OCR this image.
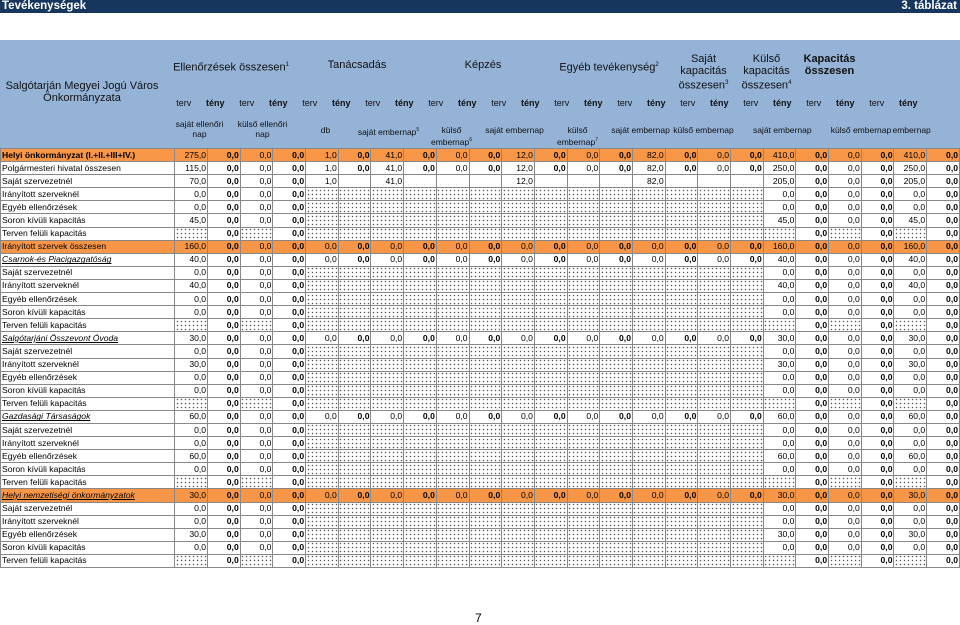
Tevékenységek	3. táblázat
Salgótarján Megyei Jogú Város Önkormányzata
Ellenőrzések összesen$^1$	Tanácsadás	Képzés	Egyéb tevékenység$^2$	Saját kapacitás összesen$^3$
Külső kapacitás összesen$^4$
Kapacitás összesen
terv	tény	terv	tény	terv	tény	terv	tény	terv	tény	terv	tény	terv	tény	terv	tény	terv	tény	terv	tény	terv	tény	terv	tény
saját ellenőri nap
külső ellenőri nap	db	saját embernap$^5$	külső embernap$^6$
saját embernap	külső embernap$^7$
saját embernap külső embernap	saját embernap	külső embernap embernap
Helyi önkormányzat (I.+II.+III+IV.)	275,0	0,0	0,0	0,0	1,0	0,0	41,0	0,0	0,0	0,0	12,0	0,0	0,0	0,0	82,0	0,0	0,0	0,0	410,0	0,0	0,0	0,0	410,0	0,0
Polgármesteri hivatal összesen	115,0	0,0	0,0	0,0	1,0	0,0	41,0	0,0	0,0	0,0	12,0	0,0	0,0	0,0	82,0	0,0	0,0	0,0	250,0	0,0	0,0	0,0	250,0	0,0
Saját szervezetnél	70,0	0,0	0,0	0,0	1,0		41,0				12,0				82,0				205,0	0,0	0,0	0,0	205,0	0,0
Irányított szerveknél	0,0	0,0	0,0	0,0															0,0	0,0	0,0	0,0	0,0	0,0
Egyéb ellenőrzések	0,0	0,0	0,0	0,0															0,0	0,0	0,0	0,0	0,0	0,0
Soron kívüli kapacitás	45,0	0,0	0,0	0,0															45,0	0,0	0,0	0,0	45,0	0,0
Terven felüli kapacitás		0,0		0,0																0,0		0,0		0,0
Irányított szervek összesen	160,0	0,0	0,0	0,0	0,0	0,0	0,0	0,0	0,0	0,0	0,0	0,0	0,0	0,0	0,0	0,0	0,0	0,0	160,0	0,0	0,0	0,0	160,0	0,0
Csarnok-és Piacigazgatóság	40,0	0,0	0,0	0,0	0,0	0,0	0,0	0,0	0,0	0,0	0,0	0,0	0,0	0,0	0,0	0,0	0,0	0,0	40,0	0,0	0,0	0,0	40,0	0,0
Saját szervezetnél	0,0	0,0	0,0	0,0															0,0	0,0	0,0	0,0	0,0	0,0
Irányított szerveknél	40,0	0,0	0,0	0,0															40,0	0,0	0,0	0,0	40,0	0,0
Egyéb ellenőrzések	0,0	0,0	0,0	0,0															0,0	0,0	0,0	0,0	0,0	0,0
Soron kívüli kapacitás	0,0	0,0	0,0	0,0															0,0	0,0	0,0	0,0	0,0	0,0
Terven felüli kapacitás		0,0		0,0																0,0		0,0		0,0
Salgótarjáni Összevont Óvoda	30,0	0,0	0,0	0,0	0,0	0,0	0,0	0,0	0,0	0,0	0,0	0,0	0,0	0,0	0,0	0,0	0,0	0,0	30,0	0,0	0,0	0,0	30,0	0,0
Saját szervezetnél	0,0	0,0	0,0	0,0															0,0	0,0	0,0	0,0	0,0	0,0
Irányított szerveknél	30,0	0,0	0,0	0,0															30,0	0,0	0,0	0,0	30,0	0,0
Egyéb ellenőrzések	0,0	0,0	0,0	0,0															0,0	0,0	0,0	0,0	0,0	0,0
Soron kívüli kapacitás	0,0	0,0	0,0	0,0															0,0	0,0	0,0	0,0	0,0	0,0
Terven felüli kapacitás		0,0		0,0																0,0		0,0		0,0
Gazdasági Társaságok	60,0	0,0	0,0	0,0	0,0	0,0	0,0	0,0	0,0	0,0	0,0	0,0	0,0	0,0	0,0	0,0	0,0	0,0	60,0	0,0	0,0	0,0	60,0	0,0
Saját szervezetnél	0,0	0,0	0,0	0,0															0,0	0,0	0,0	0,0	0,0	0,0
Irányított szerveknél	0,0	0,0	0,0	0,0															0,0	0,0	0,0	0,0	0,0	0,0
Egyéb ellenőrzések	60,0	0,0	0,0	0,0															60,0	0,0	0,0	0,0	60,0	0,0
Soron kívüli kapacitás	0,0	0,0	0,0	0,0															0,0	0,0	0,0	0,0	0,0	0,0
Terven felüli kapacitás		0,0		0,0																0,0		0,0		0,0
Helyi nemzetiségi önkormányzatok	30,0	0,0	0,0	0,0	0,0	0,0	0,0	0,0	0,0	0,0	0,0	0,0	0,0	0,0	0,0	0,0	0,0	0,0	30,0	0,0	0,0	0,0	30,0	0,0
Saját szervezetnél	0,0	0,0	0,0	0,0															0,0	0,0	0,0	0,0	0,0	0,0
Irányított szerveknél	0,0	0,0	0,0	0,0															0,0	0,0	0,0	0,0	0,0	0,0
Egyéb ellenőrzések	30,0	0,0	0,0	0,0															30,0	0,0	0,0	0,0	30,0	0,0
Soron kívüli kapacitás	0,0	0,0	0,0	0,0															0,0	0,0	0,0	0,0	0,0	0,0
Terven felüli kapacitás		0,0		0,0																0,0		0,0		0,0
7
